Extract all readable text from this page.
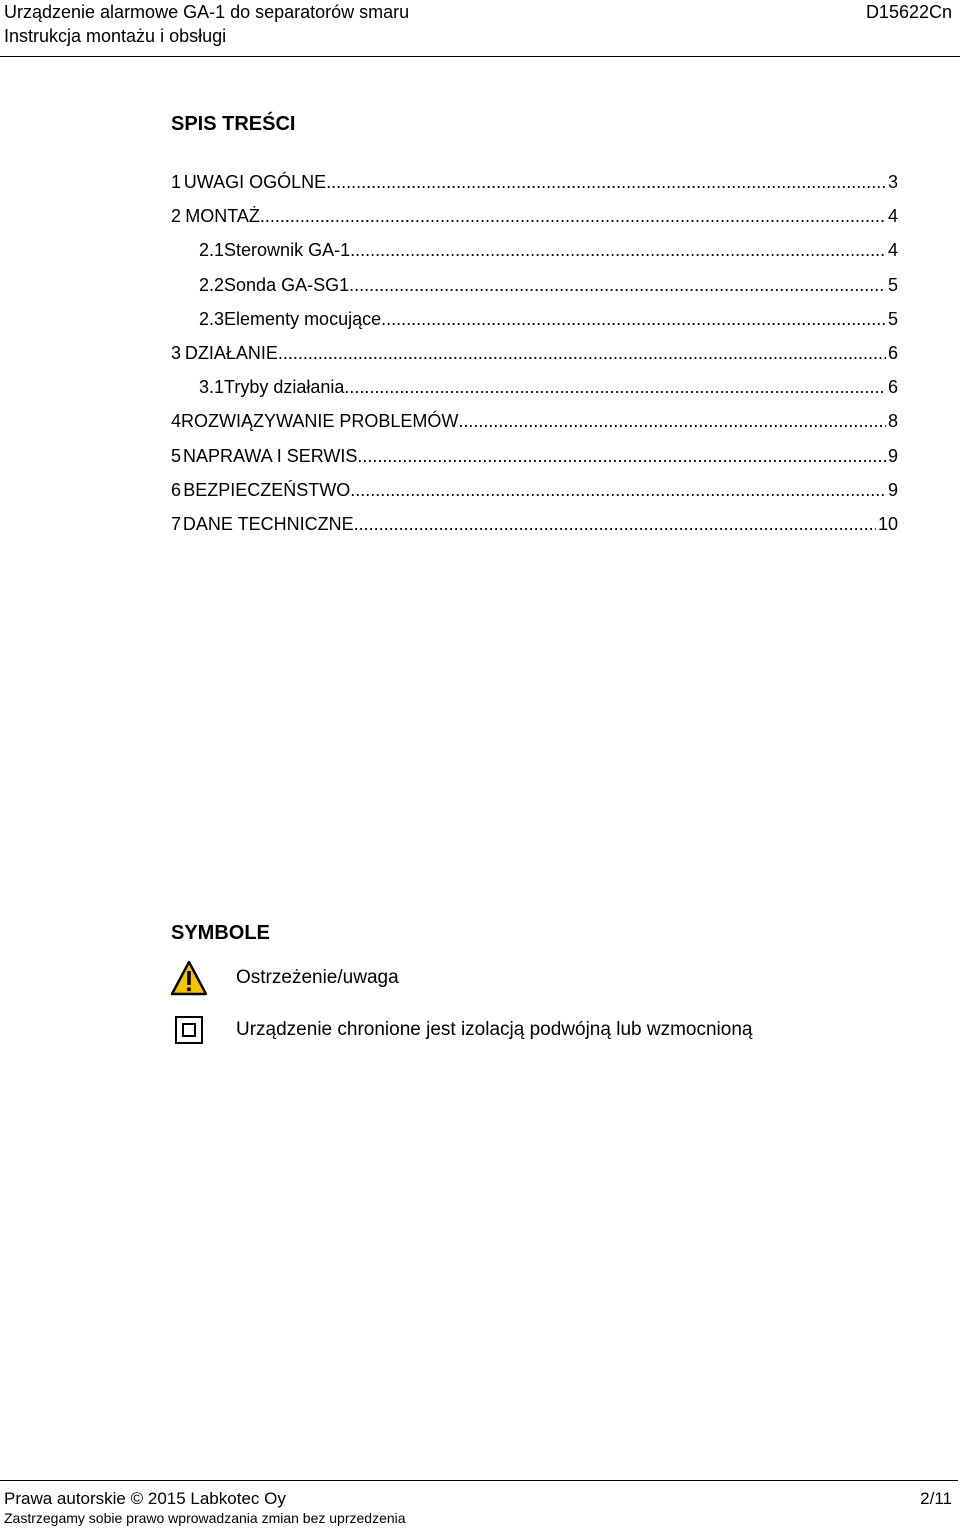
Urządzenie alarmowe GA-1 do separatorów smaru
Instrukcja montażu i obsługi
D15622Cn
SPIS TREŚCI
1 UWAGI OGÓLNE .....	3
2 MONTAŻ .....	4
2.1 Sterownik GA-1 .....	4
2.2 Sonda GA-SG1 .....	5
2.3 Elementy mocujące .....	5
3 DZIAŁANIE .....	6
3.1 Tryby działania .....	6
4 ROZWIĄZYWANIE PROBLEMÓW .....	8
5 NAPRAWA I SERWIS .....	9
6 BEZPIECZEŃSTWO .....	9
7 DANE TECHNICZNE .....	10
SYMBOLE
Ostrzeżenie/uwaga
Urządzenie chronione jest izolacją podwójną lub wzmocnioną
Prawa autorskie © 2015 Labkotec Oy
Zastrzegamy sobie prawo wprowadzania zmian bez uprzedzenia
2/11
